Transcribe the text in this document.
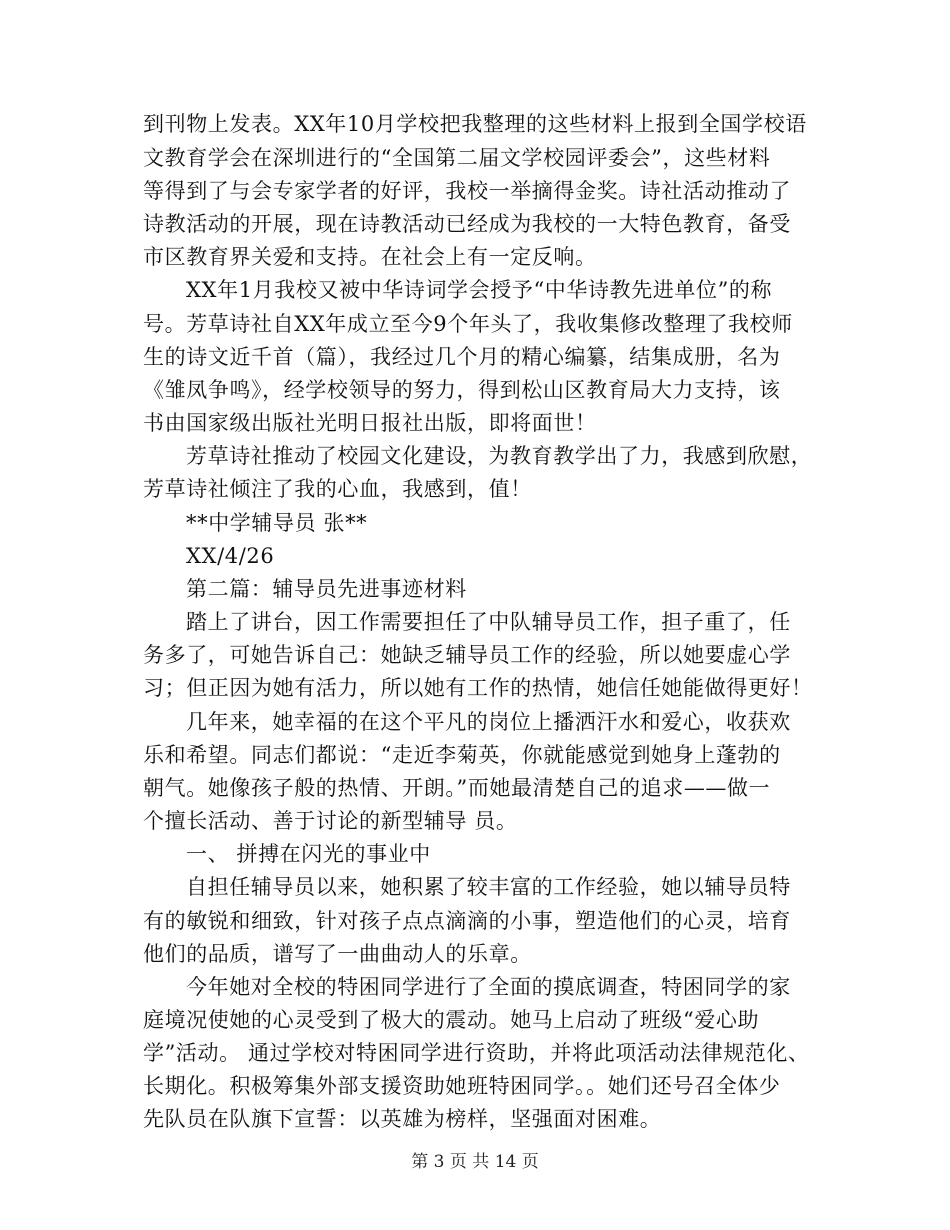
到刊物上发表。XX年10月学校把我整理的这些材料上报到全国学校语
文教育学会在深圳进行的“全国第二届文学校园评委会”，这些材料
等得到了与会专家学者的好评，我校一举摘得金奖。诗社活动推动了
诗教活动的开展，现在诗教活动已经成为我校的一大特色教育，备受
市区教育界关爱和支持。在社会上有一定反响。
XX年1月我校又被中华诗词学会授予“中华诗教先进单位”的称
号。芳草诗社自XX年成立至今9个年头了，我收集修改整理了我校师
生的诗文近千首（篇），我经过几个月的精心编纂，结集成册，名为
《雏凤争鸣》，经学校领导的努力，得到松山区教育局大力支持，该
书由国家级出版社光明日报社出版，即将面世！
芳草诗社推动了校园文化建设，为教育教学出了力，我感到欣慰，
芳草诗社倾注了我的心血，我感到，值！
**中学辅导员 张**
XX/4/26
第二篇：辅导员先进事迹材料
踏上了讲台，因工作需要担任了中队辅导员工作，担子重了，任
务多了，可她告诉自己：她缺乏辅导员工作的经验，所以她要虚心学
习；但正因为她有活力，所以她有工作的热情，她信任她能做得更好！
几年来，她幸福的在这个平凡的岗位上播洒汗水和爱心，收获欢
乐和希望。同志们都说：“走近李菊英，你就能感觉到她身上蓬勃的
朝气。她像孩子般的热情、开朗。”而她最清楚自己的追求——做一
个擅长活动、善于讨论的新型辅导 员。
一、 拼搏在闪光的事业中
自担任辅导员以来，她积累了较丰富的工作经验，她以辅导员特
有的敏锐和细致，针对孩子点点滴滴的小事，塑造他们的心灵，培育
他们的品质，谱写了一曲曲动人的乐章。
今年她对全校的特困同学进行了全面的摸底调查，特困同学的家
庭境况使她的心灵受到了极大的震动。她马上启动了班级“爱心助
学”活动。 通过学校对特困同学进行资助，并将此项活动法律规范化、
长期化。积极筹集外部支援资助她班特困同学。。她们还号召全体少
先队员在队旗下宣誓：以英雄为榜样，坚强面对困难。
第 3 页 共 14 页
